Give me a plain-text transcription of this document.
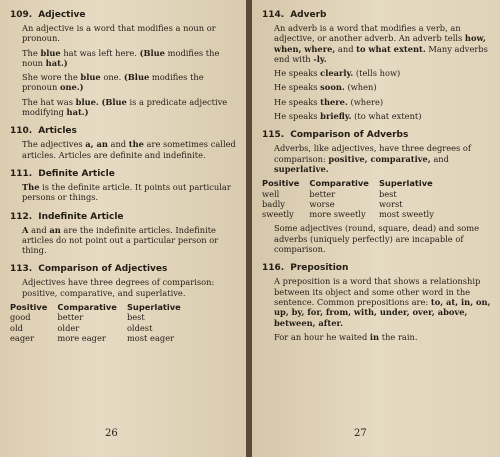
109. Adjective
An adjective is a word that modifies a noun or pronoun.
The blue hat was left here. (Blue modifies the noun hat.)
She wore the blue one. (Blue modifies the pronoun one.)
The hat was blue. (Blue is a predicate adjective modifying hat.)
110. Articles
The adjectives a, an and the are sometimes called articles. Articles are definite and indefinite.
111. Definite Article
The is the definite article. It points out particular persons or things.
112. Indefinite Article
A and an are the indefinite articles. Indefinite articles do not point out a particular person or thing.
113. Comparison of Adjectives
Adjectives have three degrees of comparison: positive, comparative, and superlative.
Positive	Comparative	Superlative
good	better	best
old	older	oldest
eager	more eager	most eager
26
114. Adverb
An adverb is a word that modifies a verb, an adjective, or another adverb. An adverb tells how, when, where, and to what extent. Many adverbs end with -ly.
He speaks clearly. (tells how)
He speaks soon. (when)
He speaks there. (where)
He speaks briefly. (to what extent)
115. Comparison of Adverbs
Adverbs, like adjectives, have three degrees of comparison: positive, comparative, and superlative.
Positive	Comparative	Superlative
well	better	best
badly	worse	worst
sweetly	more sweetly	most sweetly
Some adjectives (round, square, dead) and some adverbs (uniquely perfectly) are incapable of comparison.
116. Preposition
A preposition is a word that shows a relationship between its object and some other word in the sentence. Common prepositions are: to, at, in, on, up, by, for, from, with, under, over, above, between, after.
For an hour he waited in the rain.
27
